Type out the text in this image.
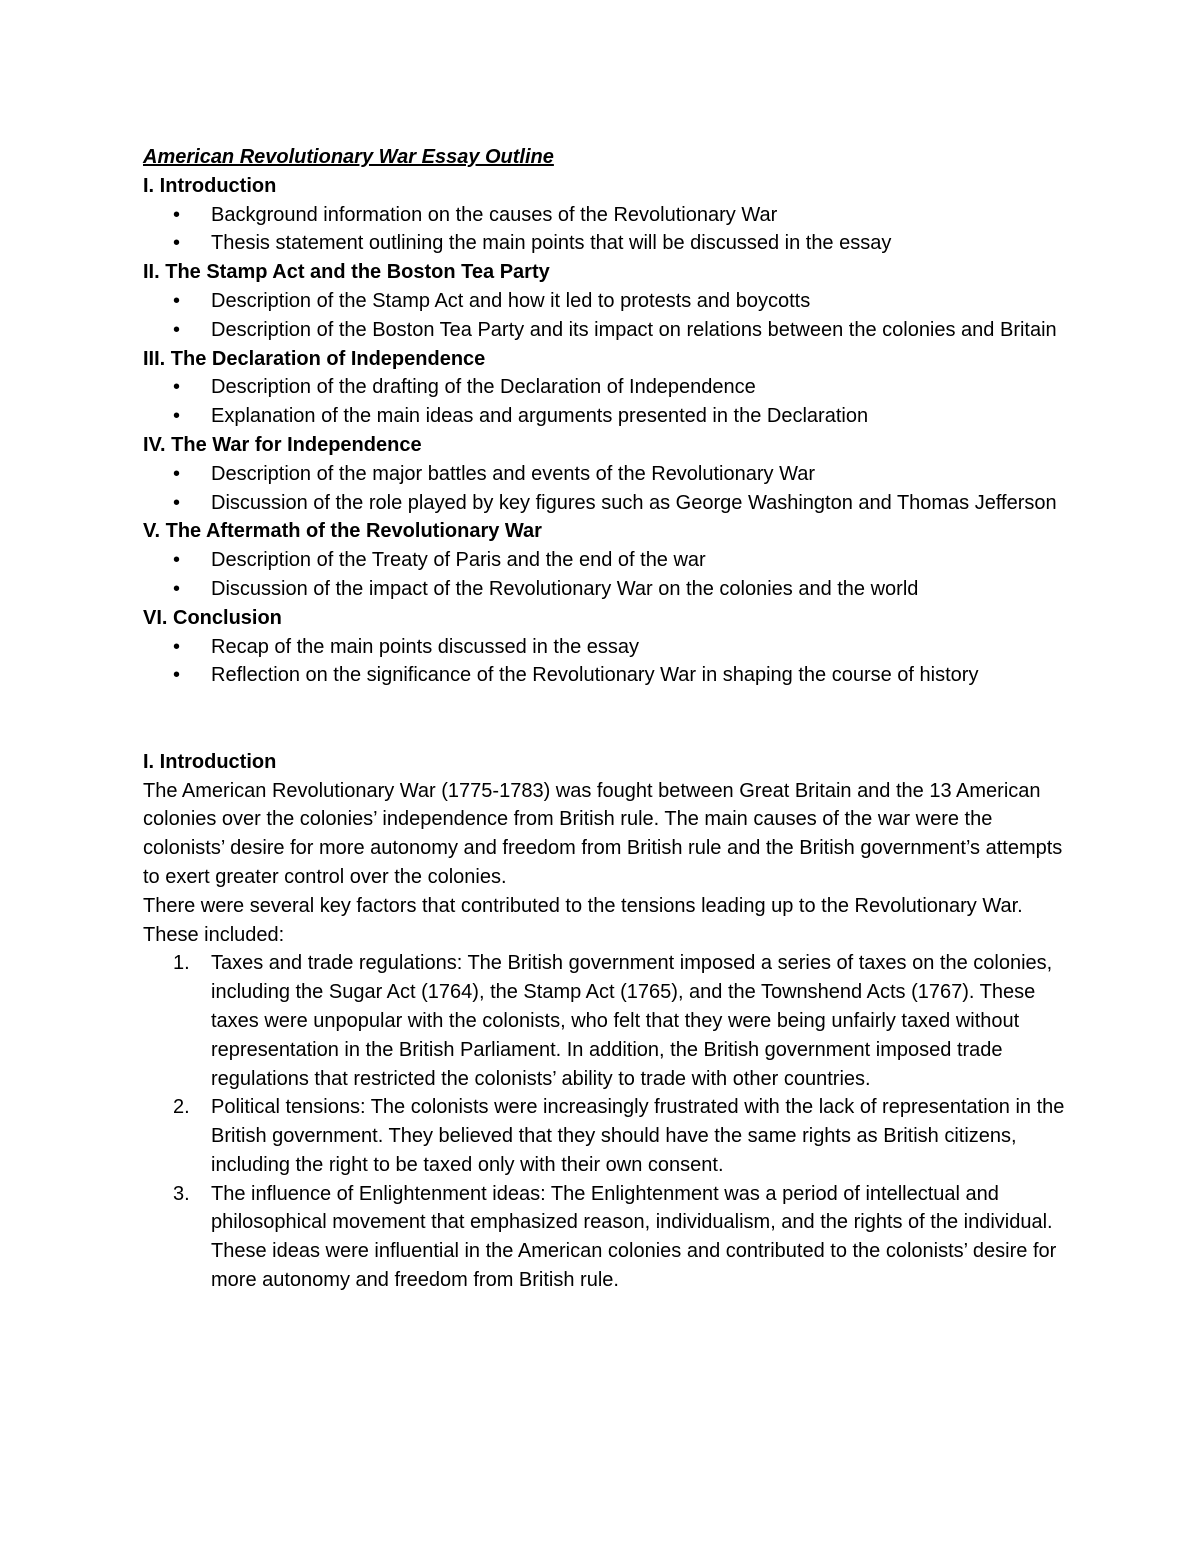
American Revolutionary War Essay Outline
I. Introduction
• Background information on the causes of the Revolutionary War
• Thesis statement outlining the main points that will be discussed in the essay
II. The Stamp Act and the Boston Tea Party
• Description of the Stamp Act and how it led to protests and boycotts
• Description of the Boston Tea Party and its impact on relations between the colonies and Britain
III. The Declaration of Independence
• Description of the drafting of the Declaration of Independence
• Explanation of the main ideas and arguments presented in the Declaration
IV. The War for Independence
• Description of the major battles and events of the Revolutionary War
• Discussion of the role played by key figures such as George Washington and Thomas Jefferson
V. The Aftermath of the Revolutionary War
• Description of the Treaty of Paris and the end of the war
• Discussion of the impact of the Revolutionary War on the colonies and the world
VI. Conclusion
• Recap of the main points discussed in the essay
• Reflection on the significance of the Revolutionary War in shaping the course of history
I. Introduction

The American Revolutionary War (1775-1783) was fought between Great Britain and the 13 American colonies over the colonies’ independence from British rule. The main causes of the war were the colonists’ desire for more autonomy and freedom from British rule and the British government’s attempts to exert greater control over the colonies.

There were several key factors that contributed to the tensions leading up to the Revolutionary War. These included:

1. Taxes and trade regulations: The British government imposed a series of taxes on the colonies, including the Sugar Act (1764), the Stamp Act (1765), and the Townshend Acts (1767). These taxes were unpopular with the colonists, who felt that they were being unfairly taxed without representation in the British Parliament. In addition, the British government imposed trade regulations that restricted the colonists’ ability to trade with other countries.
2. Political tensions: The colonists were increasingly frustrated with the lack of representation in the British government. They believed that they should have the same rights as British citizens, including the right to be taxed only with their own consent.
3. The influence of Enlightenment ideas: The Enlightenment was a period of intellectual and philosophical movement that emphasized reason, individualism, and the rights of the individual. These ideas were influential in the American colonies and contributed to the colonists’ desire for more autonomy and freedom from British rule.
